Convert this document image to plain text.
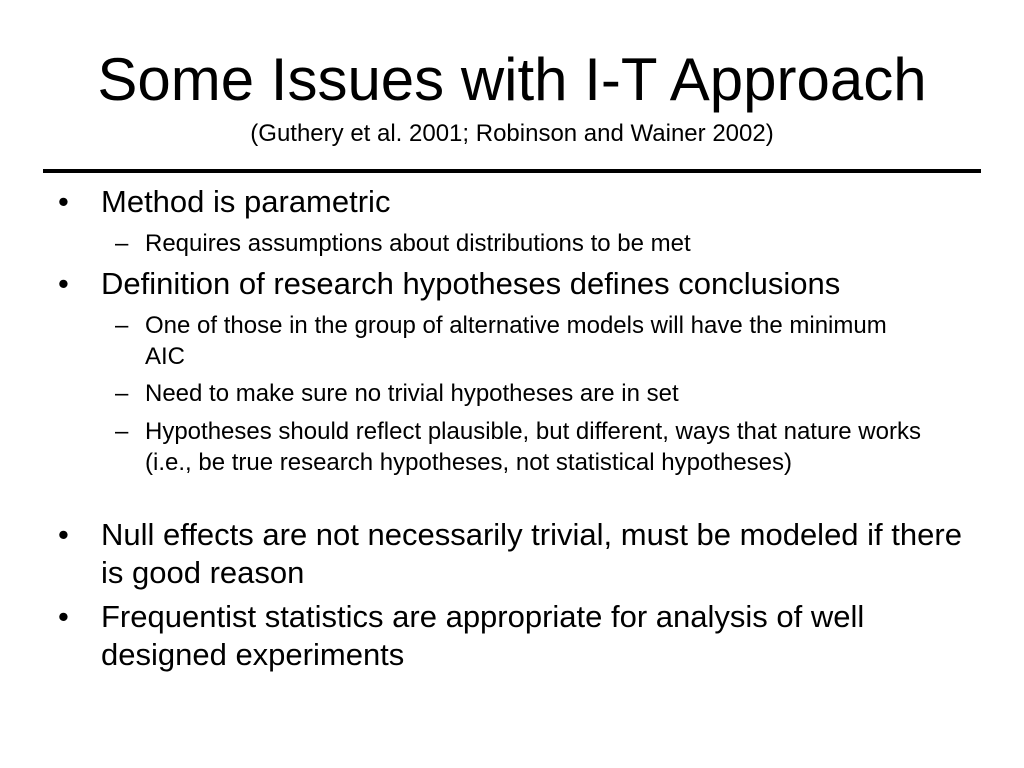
Some Issues with I-T Approach
(Guthery et al. 2001; Robinson and Wainer 2002)
• Method is parametric
– Requires assumptions about distributions to be met
• Definition of research hypotheses defines conclusions
– One of those in the group of alternative models will have the minimum AIC
– Need to make sure no trivial hypotheses are in set
– Hypotheses should reflect plausible, but different, ways that nature works (i.e., be true research hypotheses, not statistical hypotheses)
• Null effects are not necessarily trivial, must be modeled if there is good reason
• Frequentist statistics are appropriate for analysis of well designed experiments
